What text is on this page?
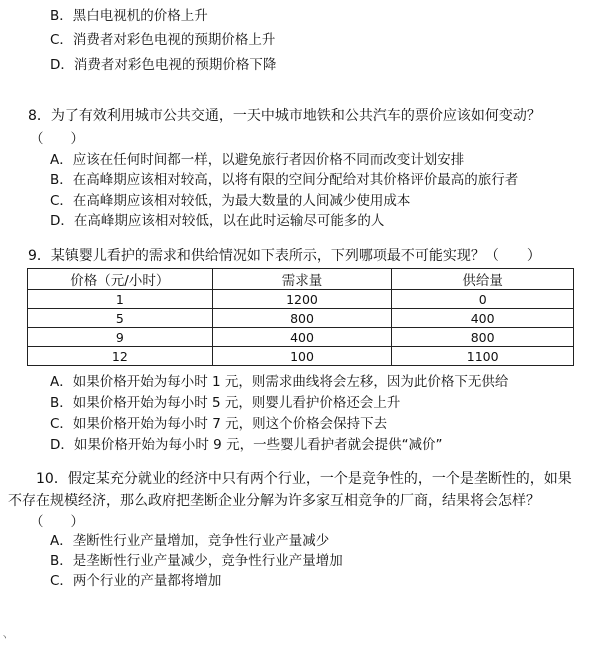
B．黑白电视机的价格上升
C．消费者对彩色电视的预期价格上升
D．消费者对彩色电视的预期价格下降
8．为了有效利用城市公共交通，一天中城市地铁和公共汽车的票价应该如何变动？
（　　）
A．应该在任何时间都一样，以避免旅行者因价格不同而改变计划安排
B．在高峰期应该相对较高，以将有限的空间分配给对其价格评价最高的旅行者
C．在高峰期应该相对较低，为最大数量的人间减少使用成本
D．在高峰期应该相对较低，以在此时运输尽可能多的人
9．某镇婴儿看护的需求和供给情况如下表所示，下列哪项最不可能实现？（　　）
价格（元/小时）	需求量	供给量
1	1200	0
5	800	400
9	400	800
12	100	1100
A．如果价格开始为每小时 1 元，则需求曲线将会左移，因为此价格下无供给
B．如果价格开始为每小时 5 元，则婴儿看护价格还会上升
C．如果价格开始为每小时 7 元，则这个价格会保持下去
D．如果价格开始为每小时 9 元，一些婴儿看护者就会提供“减价”
10．假定某充分就业的经济中只有两个行业，一个是竞争性的，一个是垄断性的，如果不存在规模经济，那么政府把垄断企业分解为许多家互相竞争的厂商，结果将会怎样？
（　　）
A．垄断性行业产量增加，竞争性行业产量减少
B．是垄断性行业产量减少，竞争性行业产量增加
C．两个行业的产量都将增加
ヽ
